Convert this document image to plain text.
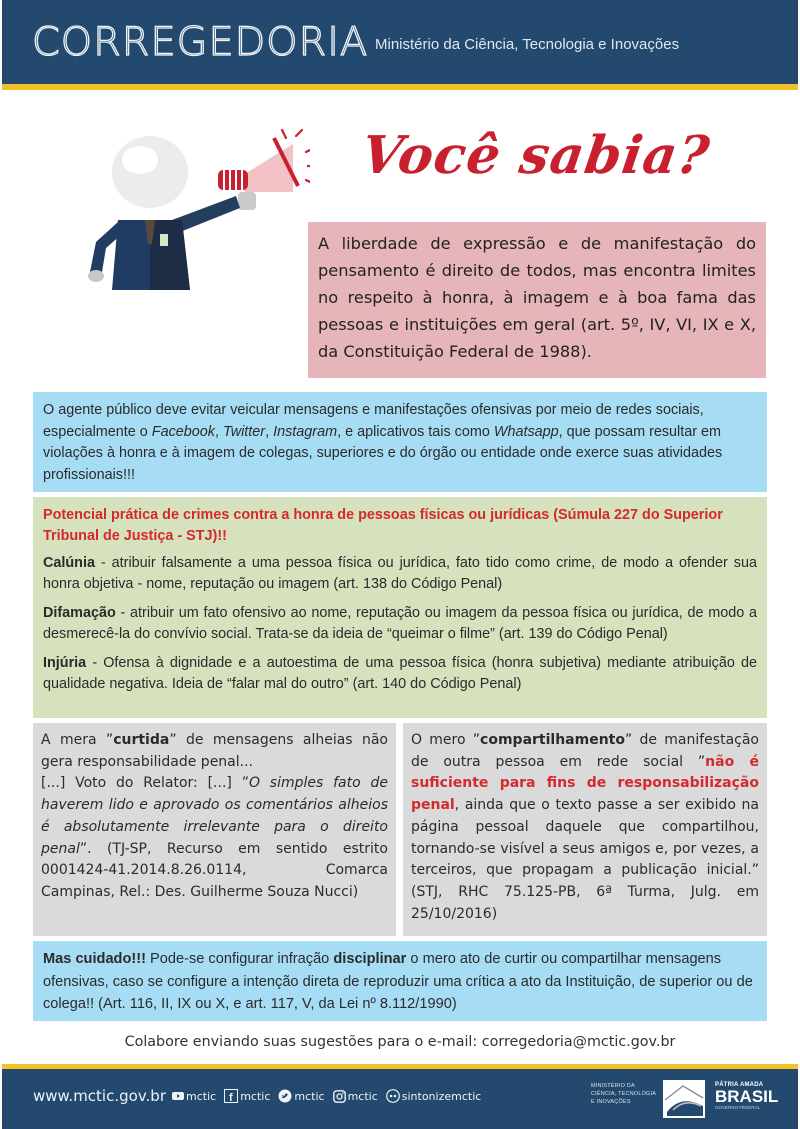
CORREGEDORIA Ministério da Ciência, Tecnologia e Inovações
Você sabia?
A liberdade de expressão e de manifestação do pensamento é direito de todos, mas encontra limites no respeito à honra, à imagem e à boa fama das pessoas e instituições em geral (art. 5º, IV, VI, IX e X, da Constituição Federal de 1988).
O agente público deve evitar veicular mensagens e manifestações ofensivas por meio de redes sociais, especialmente o Facebook, Twitter, Instagram, e aplicativos tais como Whatsapp, que possam resultar em violações à honra e à imagem de colegas, superiores e do órgão ou entidade onde exerce suas atividades profissionais!!!
Potencial prática de crimes contra a honra de pessoas físicas ou jurídicas (Súmula 227 do Superior Tribunal de Justiça - STJ)!!
Calúnia - atribuir falsamente a uma pessoa física ou jurídica, fato tido como crime, de modo a ofender sua honra objetiva - nome, reputação ou imagem (art. 138 do Código Penal)
Difamação - atribuir um fato ofensivo ao nome, reputação ou imagem da pessoa física ou jurídica, de modo a desmerecê-la do convívio social. Trata-se da ideia de “queimar o filme” (art. 139 do Código Penal)
Injúria - Ofensa à dignidade e a autoestima de uma pessoa física (honra subjetiva) mediante atribuição de qualidade negativa. Ideia de “falar mal do outro” (art. 140 do Código Penal)
A mera ”curtida” de mensagens alheias não gera responsabilidade penal...
[...] Voto do Relator: [...] ”O simples fato de haverem lido e aprovado os comentários alheios é absolutamente irrelevante para o direito penal”. (TJ-SP, Recurso em sentido estrito 0001424-41.2014.8.26.0114, Comarca Campinas, Rel.: Des. Guilherme Souza Nucci)
O mero ”compartilhamento” de manifestação de outra pessoa em rede social ”não é suficiente para fins de responsabilização penal, ainda que o texto passe a ser exibido na página pessoal daquele que compartilhou, tornando-se visível a seus amigos e, por vezes, a terceiros, que propagam a publicação inicial.” (STJ, RHC 75.125-PB, 6ª Turma, Julg. em 25/10/2016)
Mas cuidado!!! Pode-se configurar infração disciplinar o mero ato de curtir ou compartilhar mensagens ofensivas, caso se configure a intenção direta de reproduzir uma crítica a ato da Instituição, de superior ou de colega!! (Art. 116, II, IX ou X, e art. 117, V, da Lei nº 8.112/1990)
Colabore enviando suas sugestões para o e-mail: corregedoria@mctic.gov.br
www.mctic.gov.br mctic f mctic mctic mctic sintonizemctic
MINISTÉRIO DA
CIÊNCIA, TECNOLOGIA
E INOVAÇÕES
PÁTRIA AMADA
BRASIL
GOVERNO FEDERAL
